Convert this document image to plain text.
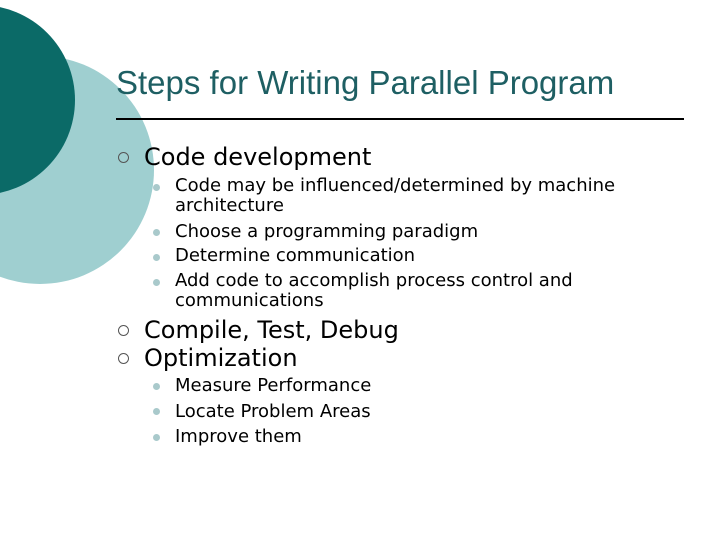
Steps for Writing Parallel Program
Code development
Code may be influenced/determined by machine architecture
Choose a programming paradigm
Determine communication
Add code to accomplish process control and communications
Compile, Test, Debug
Optimization
Measure Performance
Locate Problem Areas
Improve them
